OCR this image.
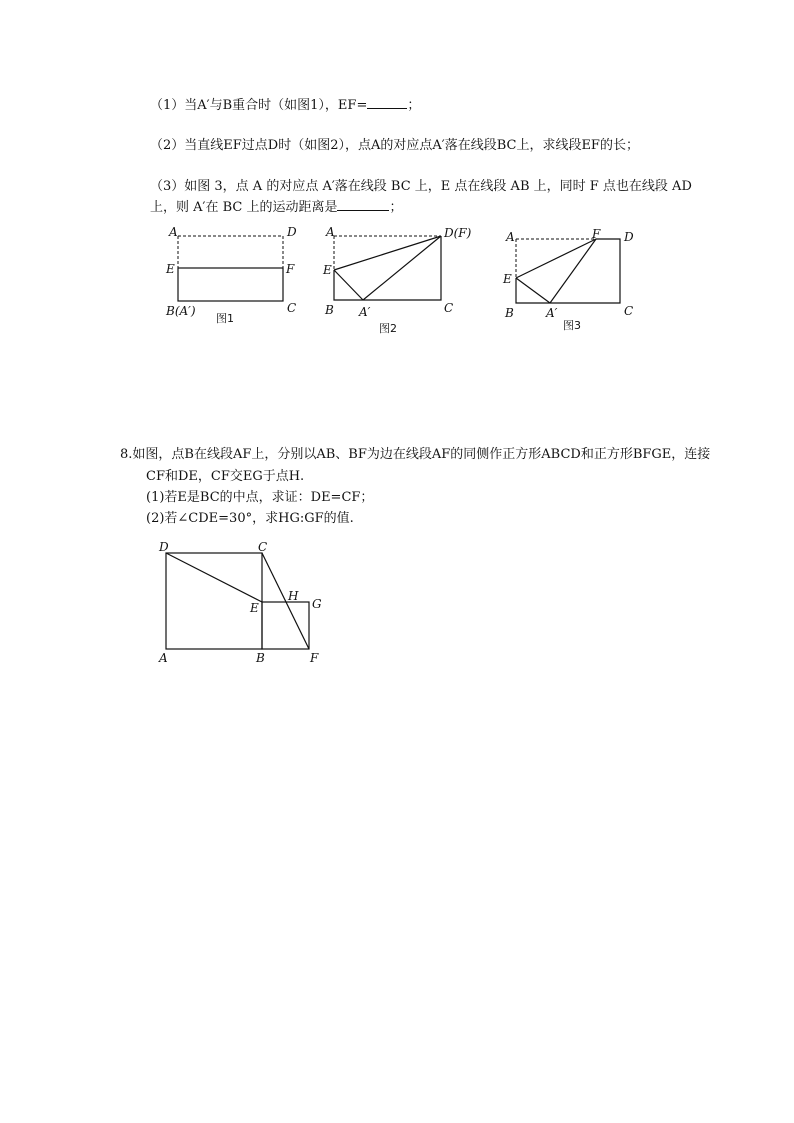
（1）当A′与B重合时（如图1），EF=	；
（2）当直线EF过点D时（如图2），点A的对应点A′落在线段BC上，求线段EF的长；
（3）如图 3，点 A 的对应点 A′落在线段 BC 上，E 点在线段 AB 上，同时 F 点也在线段 AD
上，则 A′在 BC 上的运动距离是	；
A	D
E	F
B(A′)	C
图1
A	D(F)
E
B A′	C
图2
A	F D
E
B	A′	C
图3
8.如图，点B在线段AF上，分别以AB、BF为边在线段AF的同侧作正方形ABCD和正方形BFGE，连接
CF和DE，CF交EG于点H.
(1)若E是BC的中点，求证：DE=CF；
(2)若∠CDE=30°，求HG:GF的值.
D	C
E
H
G
A	B	F
